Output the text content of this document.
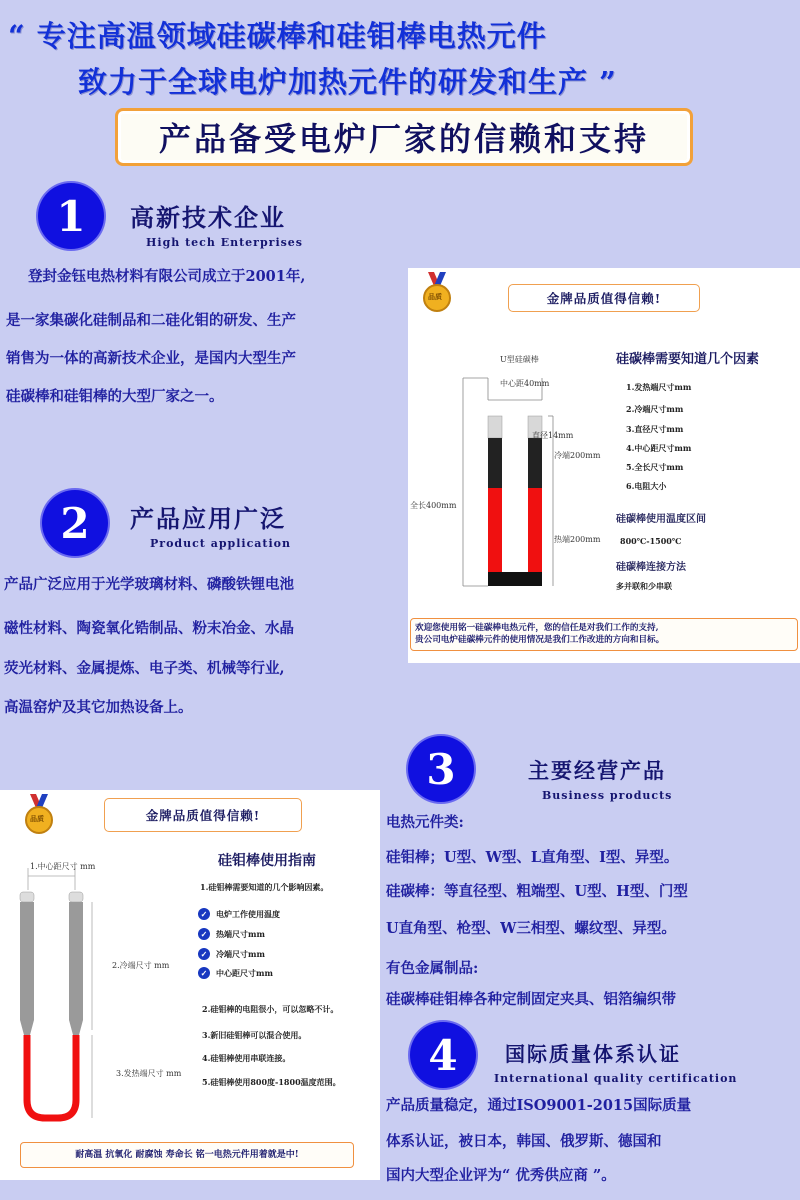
“ 专注高温领域硅碳棒和硅钼棒电热元件
致力于全球电炉加热元件的研发和生产 ”
产品备受电炉厂家的信赖和支持
1	高新技术企业
High tech Enterprises
登封金钰电热材料有限公司成立于2001年,
是一家集碳化硅制品和二硅化钼的研发、生产
销售为一体的高新技术企业，是国内大型生产
硅碳棒和硅钼棒的大型厂家之一。
2	产品应用广泛
Product application
产品广泛应用于光学玻璃材料、磷酸铁锂电池
磁性材料、陶瓷氧化锆制品、粉末冶金、水晶
荧光材料、金属提炼、电子类、机械等行业,
高温窑炉及其它加热设备上。
品质	金牌品质值得信赖!
U型硅碳棒
中心距40mm
直径14mm
冷端200mm
全长400mm
热端200mm
硅碳棒需要知道几个因素
1.发热端尺寸mm
2.冷端尺寸mm
3.直径尺寸mm
4.中心距尺寸mm
5.全长尺寸mm
6.电阻大小
硅碳棒使用温度区间
800℃-1500℃
硅碳棒连接方法
多并联和少串联
欢迎您使用铭一硅碳棒电热元件，您的信任是对我们工作的支持,
贵公司电炉硅碳棒元件的使用情况是我们工作改进的方向和目标。
3	主要经营产品
Business products
电热元件类:
硅钼棒；U型、W型、L直角型、I型、异型。
硅碳棒：等直径型、粗端型、U型、H型、门型
U直角型、枪型、W三相型、螺纹型、异型。
有色金属制品:
硅碳棒硅钼棒各种定制固定夹具、铝箔编织带
4	国际质量体系认证
International quality certification
产品质量稳定，通过ISO9001-2015国际质量
体系认证，被日本，韩国、俄罗斯、德国和
国内大型企业评为“ 优秀供应商 ”。
品质	金牌品质值得信赖!
1.中心距尺寸 mm
2.冷端尺寸 mm
3.发热端尺寸 mm
硅钼棒使用指南
1.硅钼棒需要知道的几个影响因素。
✓	电炉工作使用温度
✓	热端尺寸mm
✓	冷端尺寸mm
✓	中心距尺寸mm
2.硅钼棒的电阻很小，可以忽略不计。
3.新旧硅钼棒可以混合使用。
4.硅钼棒使用串联连接。
5.硅钼棒使用800度-1800温度范围。
耐高温 抗氧化 耐腐蚀 寿命长 铭一电热元件用着就是中!
